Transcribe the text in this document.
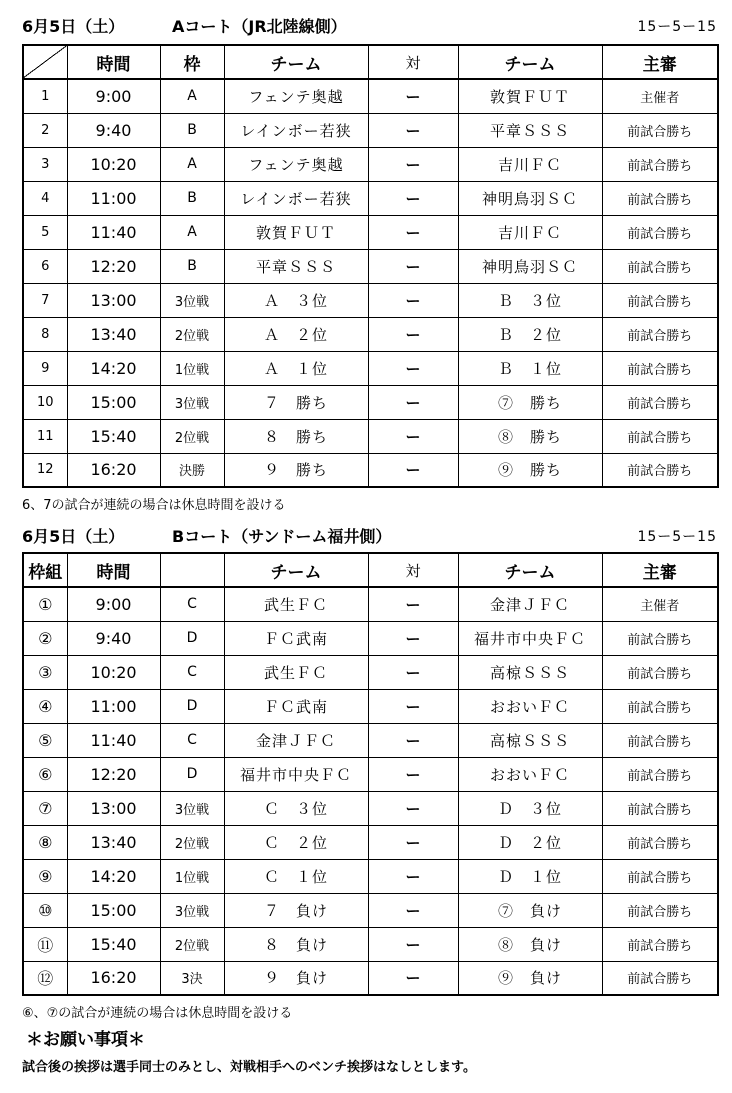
6月5日（土）	Aコート（JR北陸線側）	15ー5ー15
	時間	枠	チーム	対	チーム	主審
1	9:00	A	フェンテ奥越	ー	敦賀ＦＵＴ	主催者
2	9:40	B	レインボー若狭	ー	平章ＳＳＳ	前試合勝ち
3	10:20	A	フェンテ奥越	ー	吉川ＦＣ	前試合勝ち
4	11:00	B	レインボー若狭	ー	神明鳥羽ＳＣ	前試合勝ち
5	11:40	A	敦賀ＦＵＴ	ー	吉川ＦＣ	前試合勝ち
6	12:20	B	平章ＳＳＳ	ー	神明鳥羽ＳＣ	前試合勝ち
7	13:00	3位戦	Ａ　３位	ー	Ｂ　３位	前試合勝ち
8	13:40	2位戦	Ａ　２位	ー	Ｂ　２位	前試合勝ち
9	14:20	1位戦	Ａ　１位	ー	Ｂ　１位	前試合勝ち
10	15:00	3位戦	７　勝ち	ー	⑦　勝ち	前試合勝ち
11	15:40	2位戦	８　勝ち	ー	⑧　勝ち	前試合勝ち
12	16:20	決勝	９　勝ち	ー	⑨　勝ち	前試合勝ち
6、7の試合が連続の場合は休息時間を設ける
6月5日（土）	Bコート（サンドーム福井側）	15ー5ー15
枠組	時間		チーム	対	チーム	主審
①	9:00	C	武生ＦＣ	ー	金津ＪＦＣ	主催者
②	9:40	D	ＦＣ武南	ー	福井市中央ＦＣ	前試合勝ち
③	10:20	C	武生ＦＣ	ー	高椋ＳＳＳ	前試合勝ち
④	11:00	D	ＦＣ武南	ー	おおいＦＣ	前試合勝ち
⑤	11:40	C	金津ＪＦＣ	ー	高椋ＳＳＳ	前試合勝ち
⑥	12:20	D	福井市中央ＦＣ	ー	おおいＦＣ	前試合勝ち
⑦	13:00	3位戦	Ｃ　３位	ー	Ｄ　３位	前試合勝ち
⑧	13:40	2位戦	Ｃ　２位	ー	Ｄ　２位	前試合勝ち
⑨	14:20	1位戦	Ｃ　１位	ー	Ｄ　１位	前試合勝ち
⑩	15:00	3位戦	７　負け	ー	⑦　負け	前試合勝ち
⑪	15:40	2位戦	８　負け	ー	⑧　負け	前試合勝ち
⑫	16:20	3決	９　負け	ー	⑨　負け	前試合勝ち
⑥、⑦の試合が連続の場合は休息時間を設ける
＊お願い事項＊
試合後の挨拶は選手同士のみとし、対戦相手へのベンチ挨拶はなしとします。
